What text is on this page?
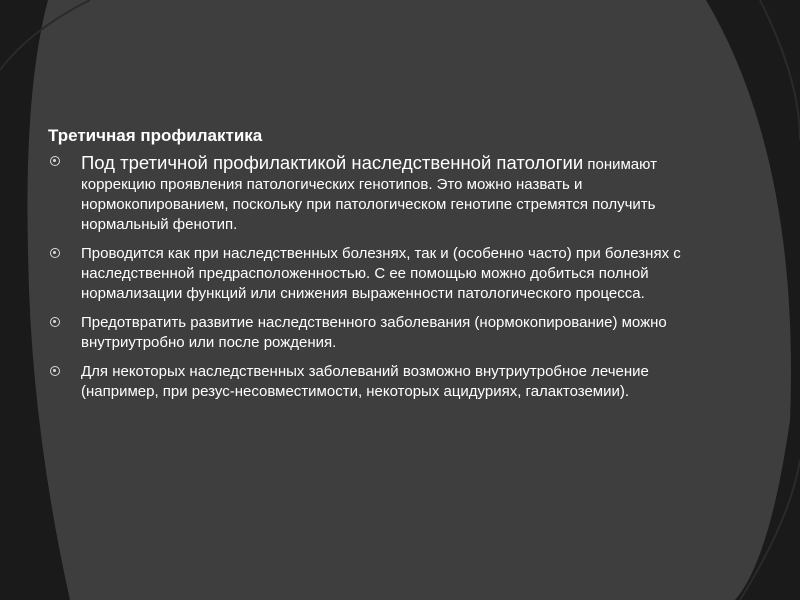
Третичная профилактика
Под третичной профилактикой наследственной патологии понимают коррекцию проявления патологических генотипов. Это можно назвать и нормокопированием, поскольку при патологическом генотипе стремятся получить нормальный фенотип.
Проводится как при наследственных болезнях, так и (особенно часто) при болезнях с наследственной предрасположенностью. С ее помощью можно добиться полной нормализации функций или снижения выраженности патологического процесса.
Предотвратить развитие наследственного заболевания (нормокопирование) можно внутриутробно или после рождения.
Для некоторых наследственных заболеваний возможно внутриутробное лечение (например, при резус-несовместимости, некоторых ацидуриях, галактоземии).
